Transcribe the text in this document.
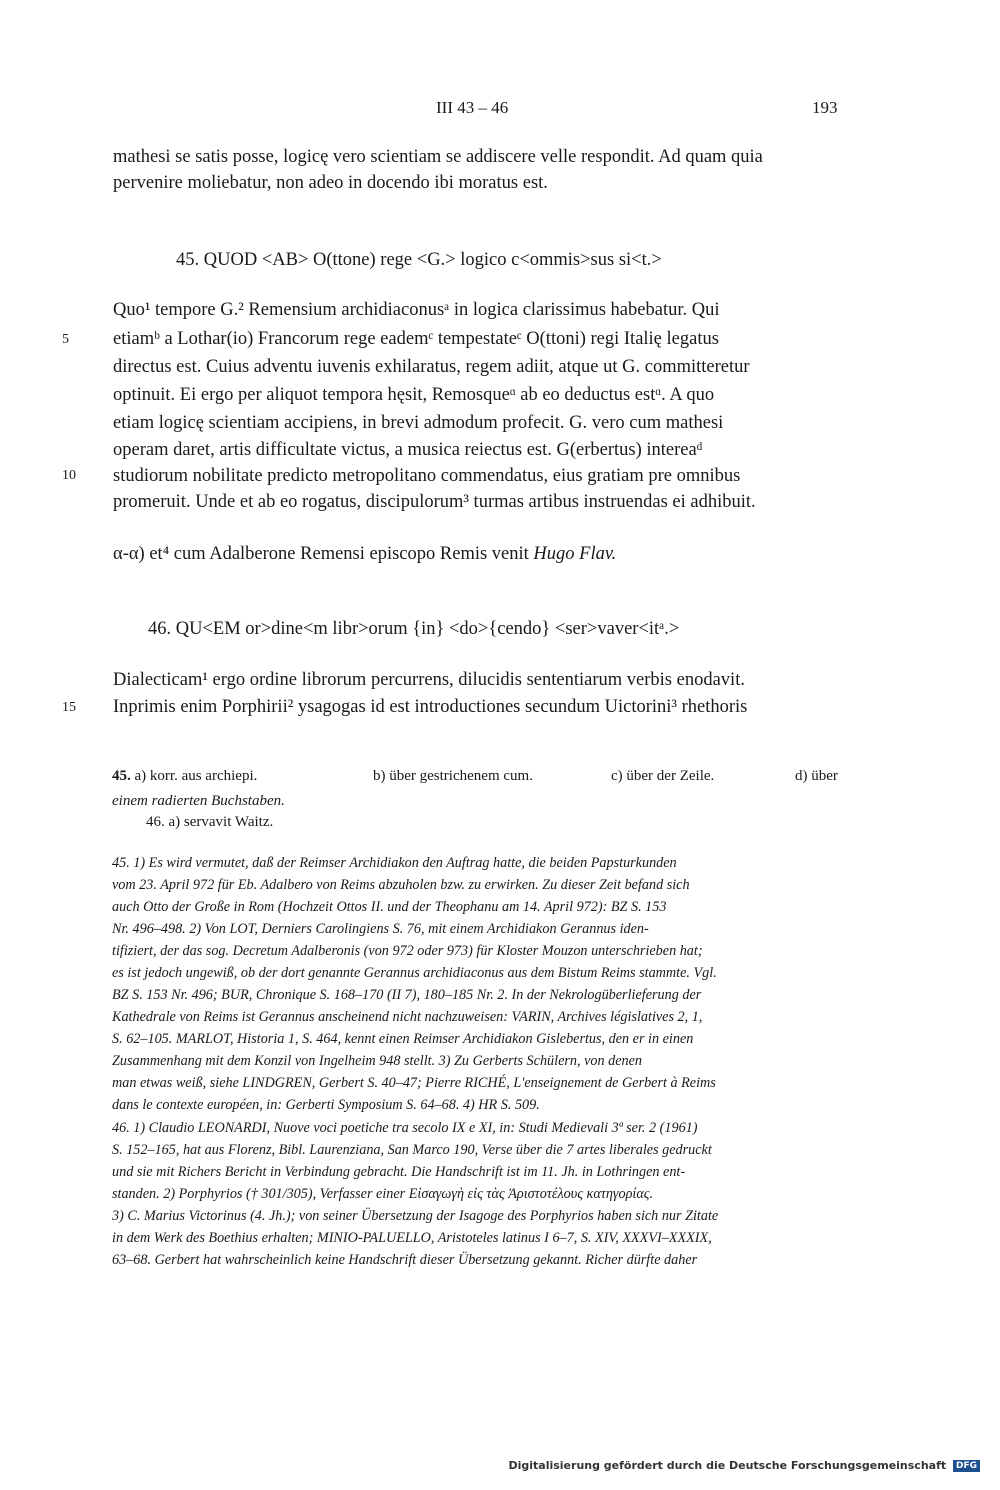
III 43 – 46	193
mathesi se satis posse, logicę vero scientiam se addiscere velle respondit. Ad quam quia
pervenire moliebatur, non adeo in docendo ibi moratus est.
45. QUOD <AB> O(ttone) rege <G.> logico c<ommis>sus si<t.>
Quo¹ tempore G.² Remensium archidiaconusᵃ in logica clarissimus habebatur. Qui
etiamᵇ a Lothar(io) Francorum rege eademᶜ tempestateᶜ O(ttoni) regi Italię legatus
5
directus est. Cuius adventu iuvenis exhilaratus, regem adiit, atque ut G. committeretur
optinuit. Ei ergo per aliquot tempora hęsit, Remosqueᵅ ab eo deductus estᵅ. A quo
etiam logicę scientiam accipiens, in brevi admodum profecit. G. vero cum mathesi
operam daret, artis difficultate victus, a musica reiectus est. G(erbertus) intereaᵈ
studiorum nobilitate predicto metropolitano commendatus, eius gratiam pre omnibus
10
promeruit. Unde et ab eo rogatus, discipulorum³ turmas artibus instruendas ei adhibuit.
α-α) et⁴ cum Adalberone Remensi episcopo Remis venit Hugo Flav.
46. QU<EM or>dine<m libr>orum {in} <do>{cendo} <ser>vaver<itᵃ.>
Dialecticam¹ ergo ordine librorum percurrens, dilucidis sententiarum verbis enodavit.
Inprimis enim Porphirii² ysagogas id est introductiones secundum Uictorini³ rhethoris
15
45. a) korr. aus archiepi.	b) über gestrichenem cum.	c) über der Zeile.	d) über
einem radierten Buchstaben.
46. a) servavit Waitz.
45. 1) Es wird vermutet, daß der Reimser Archidiakon den Auftrag hatte, die beiden Papsturkunden
vom 23. April 972 für Eb. Adalbero von Reims abzuholen bzw. zu erwirken. Zu dieser Zeit befand sich
auch Otto der Große in Rom (Hochzeit Ottos II. und der Theophanu am 14. April 972): BZ S. 153
Nr. 496–498. 2) Von LOT, Derniers Carolingiens S. 76, mit einem Archidiakon Gerannus iden-
tifiziert, der das sog. Decretum Adalberonis (von 972 oder 973) für Kloster Mouzon unterschrieben hat;
es ist jedoch ungewiß, ob der dort genannte Gerannus archidiaconus aus dem Bistum Reims stammte. Vgl.
BZ S. 153 Nr. 496; BUR, Chronique S. 168–170 (II 7), 180–185 Nr. 2. In der Nekrologüberlieferung der
Kathedrale von Reims ist Gerannus anscheinend nicht nachzuweisen: VARIN, Archives législatives 2, 1,
S. 62–105. MARLOT, Historia 1, S. 464, kennt einen Reimser Archidiakon Gislebertus, den er in einen
Zusammenhang mit dem Konzil von Ingelheim 948 stellt. 3) Zu Gerberts Schülern, von denen
man etwas weiß, siehe LINDGREN, Gerbert S. 40–47; Pierre RICHÉ, L'enseignement de Gerbert à Reims
dans le contexte européen, in: Gerberti Symposium S. 64–68. 4) HR S. 509.
46. 1) Claudio LEONARDI, Nuove voci poetiche tra secolo IX e XI, in: Studi Medievali 3ª ser. 2 (1961)
S. 152–165, hat aus Florenz, Bibl. Laurenziana, San Marco 190, Verse über die 7 artes liberales gedruckt
und sie mit Richers Bericht in Verbindung gebracht. Die Handschrift ist im 11. Jh. in Lothringen ent-
standen. 2) Porphyrios († 301/305), Verfasser einer Εἰσαγωγὴ εἰς τὰς Ἀριστοτέλους κατηγορίας.
3) C. Marius Victorinus (4. Jh.); von seiner Übersetzung der Isagoge des Porphyrios haben sich nur Zitate
in dem Werk des Boethius erhalten; MINIO-PALUELLO, Aristoteles latinus I 6–7, S. XIV, XXXVI–XXXIX,
63–68. Gerbert hat wahrscheinlich keine Handschrift dieser Übersetzung gekannt. Richer dürfte daher
Digitalisierung gefördert durch die Deutsche Forschungsgemeinschaft DFG
